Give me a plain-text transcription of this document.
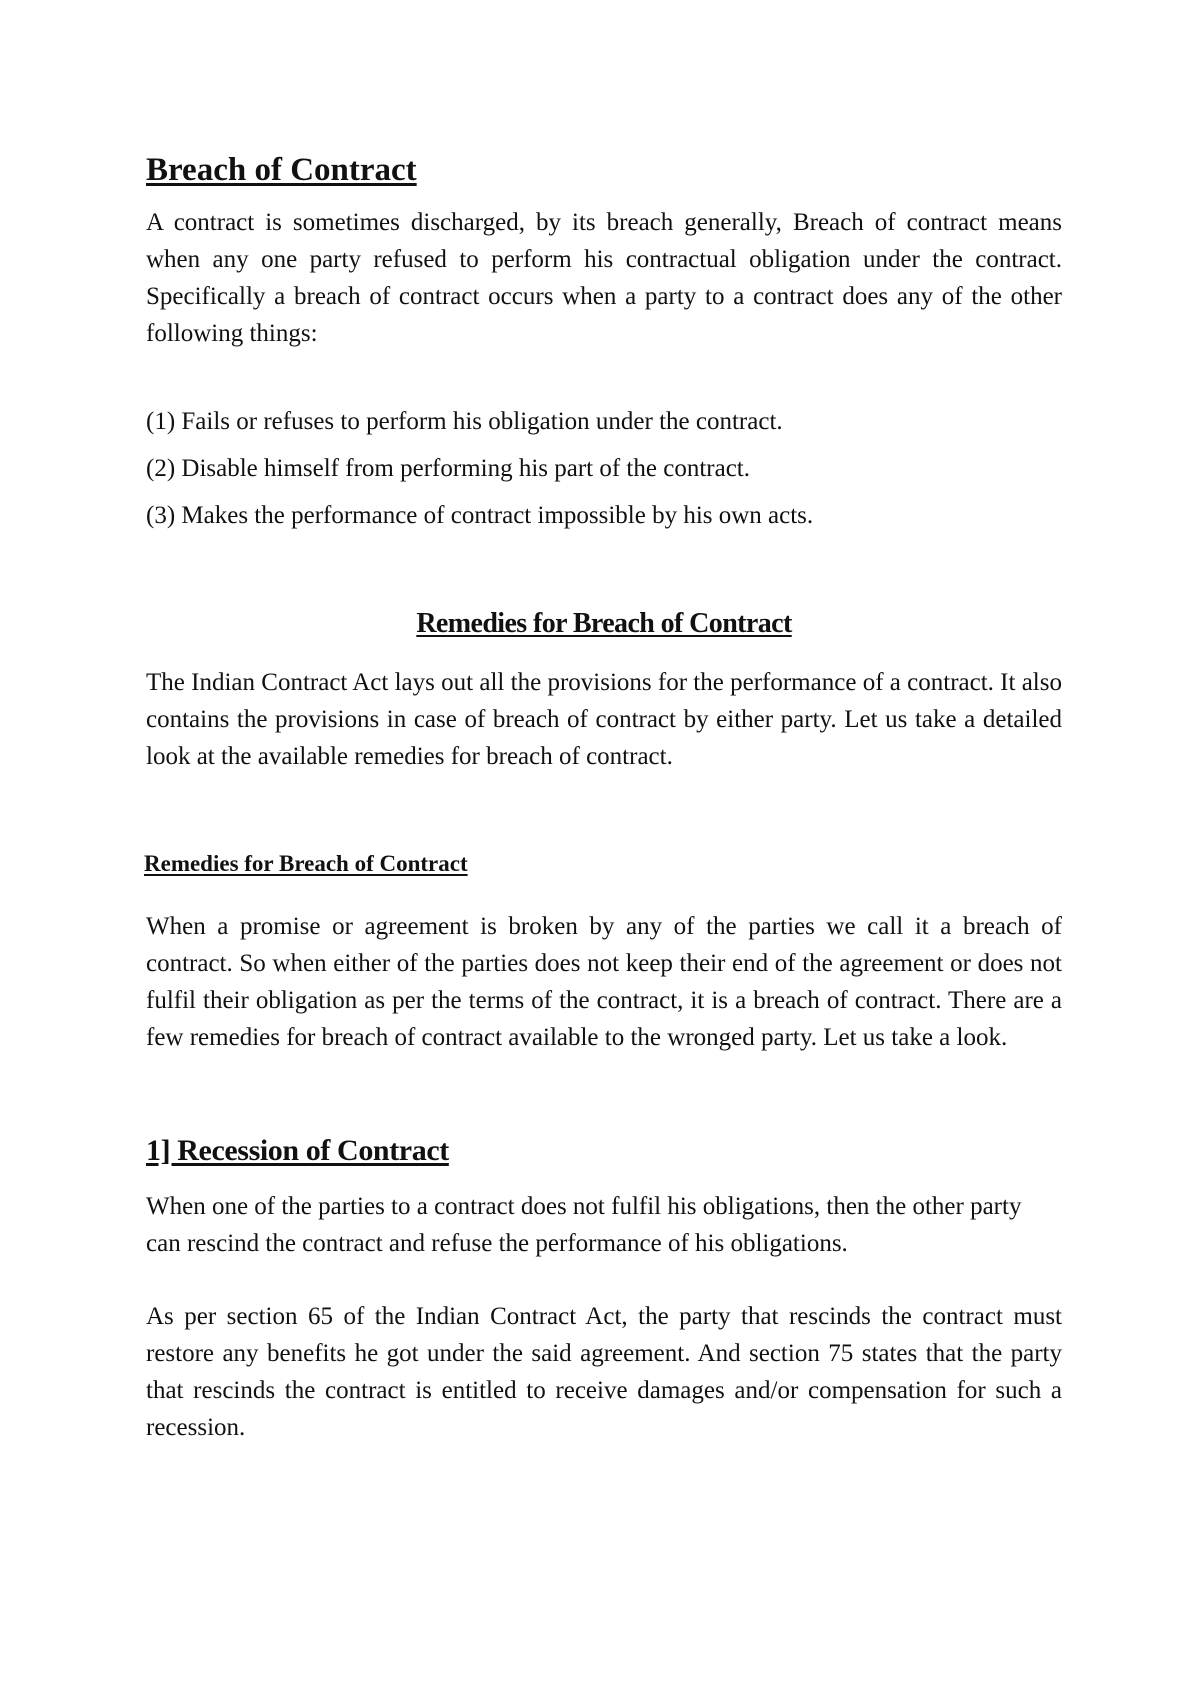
Breach of Contract

A contract is sometimes discharged, by its breach generally, Breach of contract means when any one party refused to perform his contractual obligation under the contract. Specifically a breach of contract occurs when a party to a contract does any of the other following things:

(1) Fails or refuses to perform his obligation under the contract.

(2) Disable himself from performing his part of the contract.

(3) Makes the performance of contract impossible by his own acts.

Remedies for Breach of Contract

The Indian Contract Act lays out all the provisions for the performance of a contract. It also contains the provisions in case of breach of contract by either party. Let us take a detailed look at the available remedies for breach of contract.

Remedies for Breach of Contract

When a promise or agreement is broken by any of the parties we call it a breach of contract. So when either of the parties does not keep their end of the agreement or does not fulfil their obligation as per the terms of the contract, it is a breach of contract. There are a few remedies for breach of contract available to the wronged party. Let us take a look.

1] Recession of Contract

When one of the parties to a contract does not fulfil his obligations, then the other party can rescind the contract and refuse the performance of his obligations.

As per section 65 of the Indian Contract Act, the party that rescinds the contract must restore any benefits he got under the said agreement. And section 75 states that the party that rescinds the contract is entitled to receive damages and/or compensation for such a recession.
